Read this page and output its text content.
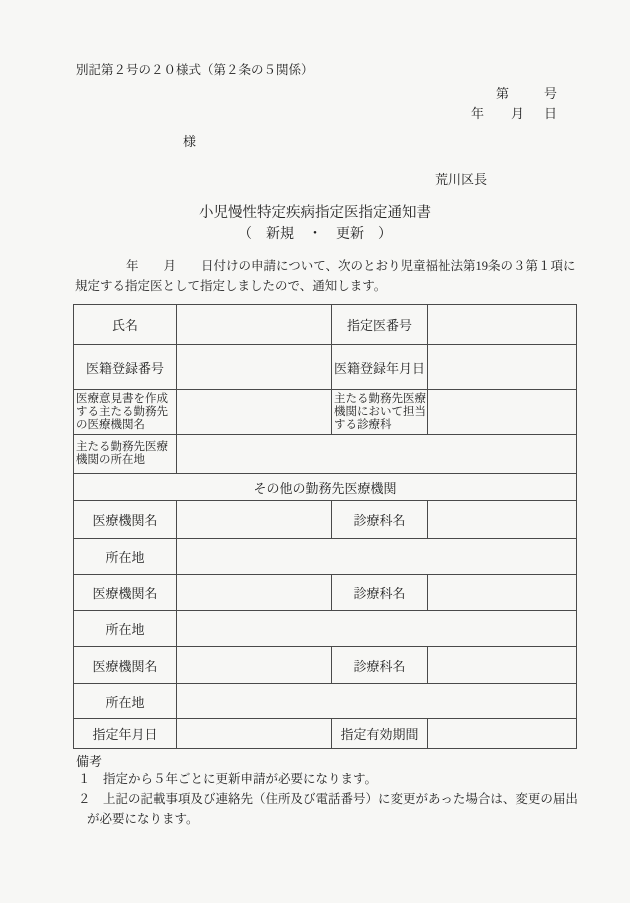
別記第２号の２０様式（第２条の５関係）
第	号
年 月 日
様
荒川区長
小児慢性特定疾病指定医指定通知書
（　新規　・　更新　）
年　　月　　日付けの申請について、次のとおり児童福祉法第19条の３第１項に
規定する指定医として指定しましたので、通知します。
氏名		指定医番号	
医籍登録番号		医籍登録年月日	
医療意見書を作成する主たる勤務先の医療機関名		主たる勤務先医療機関において担当する診療科	
主たる勤務先医療機関の所在地			
その他の勤務先医療機関			
医療機関名		診療科名	
所在地			
医療機関名		診療科名	
所在地			
医療機関名		診療科名	
所在地			
指定年月日		指定有効期間	
備考
１　指定から５年ごとに更新申請が必要になります。
２　上記の記載事項及び連絡先（住所及び電話番号）に変更があった場合は、変更の届出
が必要になります。
